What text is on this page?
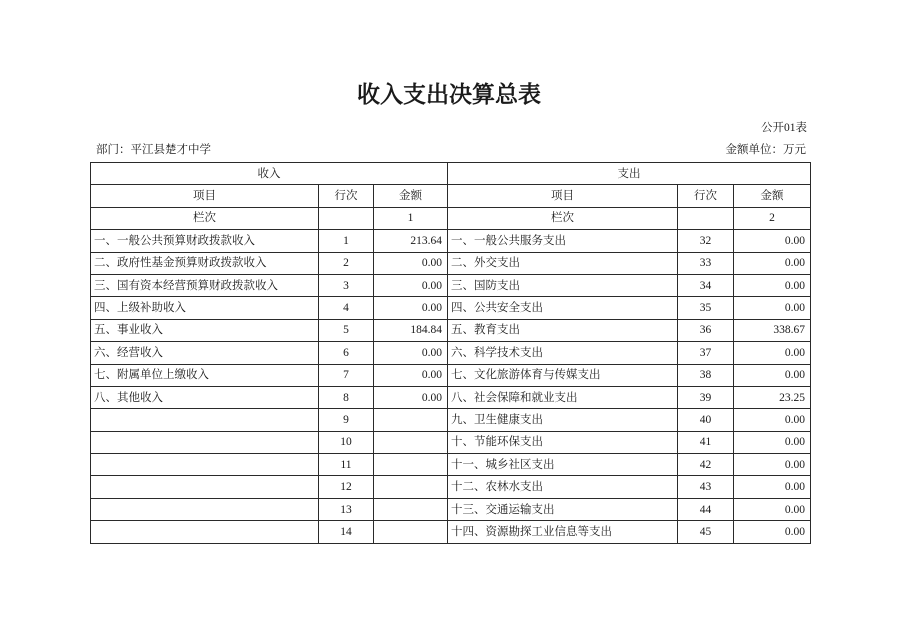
收入支出决算总表
公开01表
部门：平江县楚才中学	金额单位：万元
收入			支出		
项目	行次	金额	项目	行次	金额
栏次		1	栏次		2
一、一般公共预算财政拨款收入	1	213.64	一、一般公共服务支出	32	0.00
二、政府性基金预算财政拨款收入	2	0.00	二、外交支出	33	0.00
三、国有资本经营预算财政拨款收入	3	0.00	三、国防支出	34	0.00
四、上级补助收入	4	0.00	四、公共安全支出	35	0.00
五、事业收入	5	184.84	五、教育支出	36	338.67
六、经营收入	6	0.00	六、科学技术支出	37	0.00
七、附属单位上缴收入	7	0.00	七、文化旅游体育与传媒支出	38	0.00
八、其他收入	8	0.00	八、社会保障和就业支出	39	23.25
	9		九、卫生健康支出	40	0.00
	10		十、节能环保支出	41	0.00
	11		十一、城乡社区支出	42	0.00
	12		十二、农林水支出	43	0.00
	13		十三、交通运输支出	44	0.00
	14		十四、资源勘探工业信息等支出	45	0.00
